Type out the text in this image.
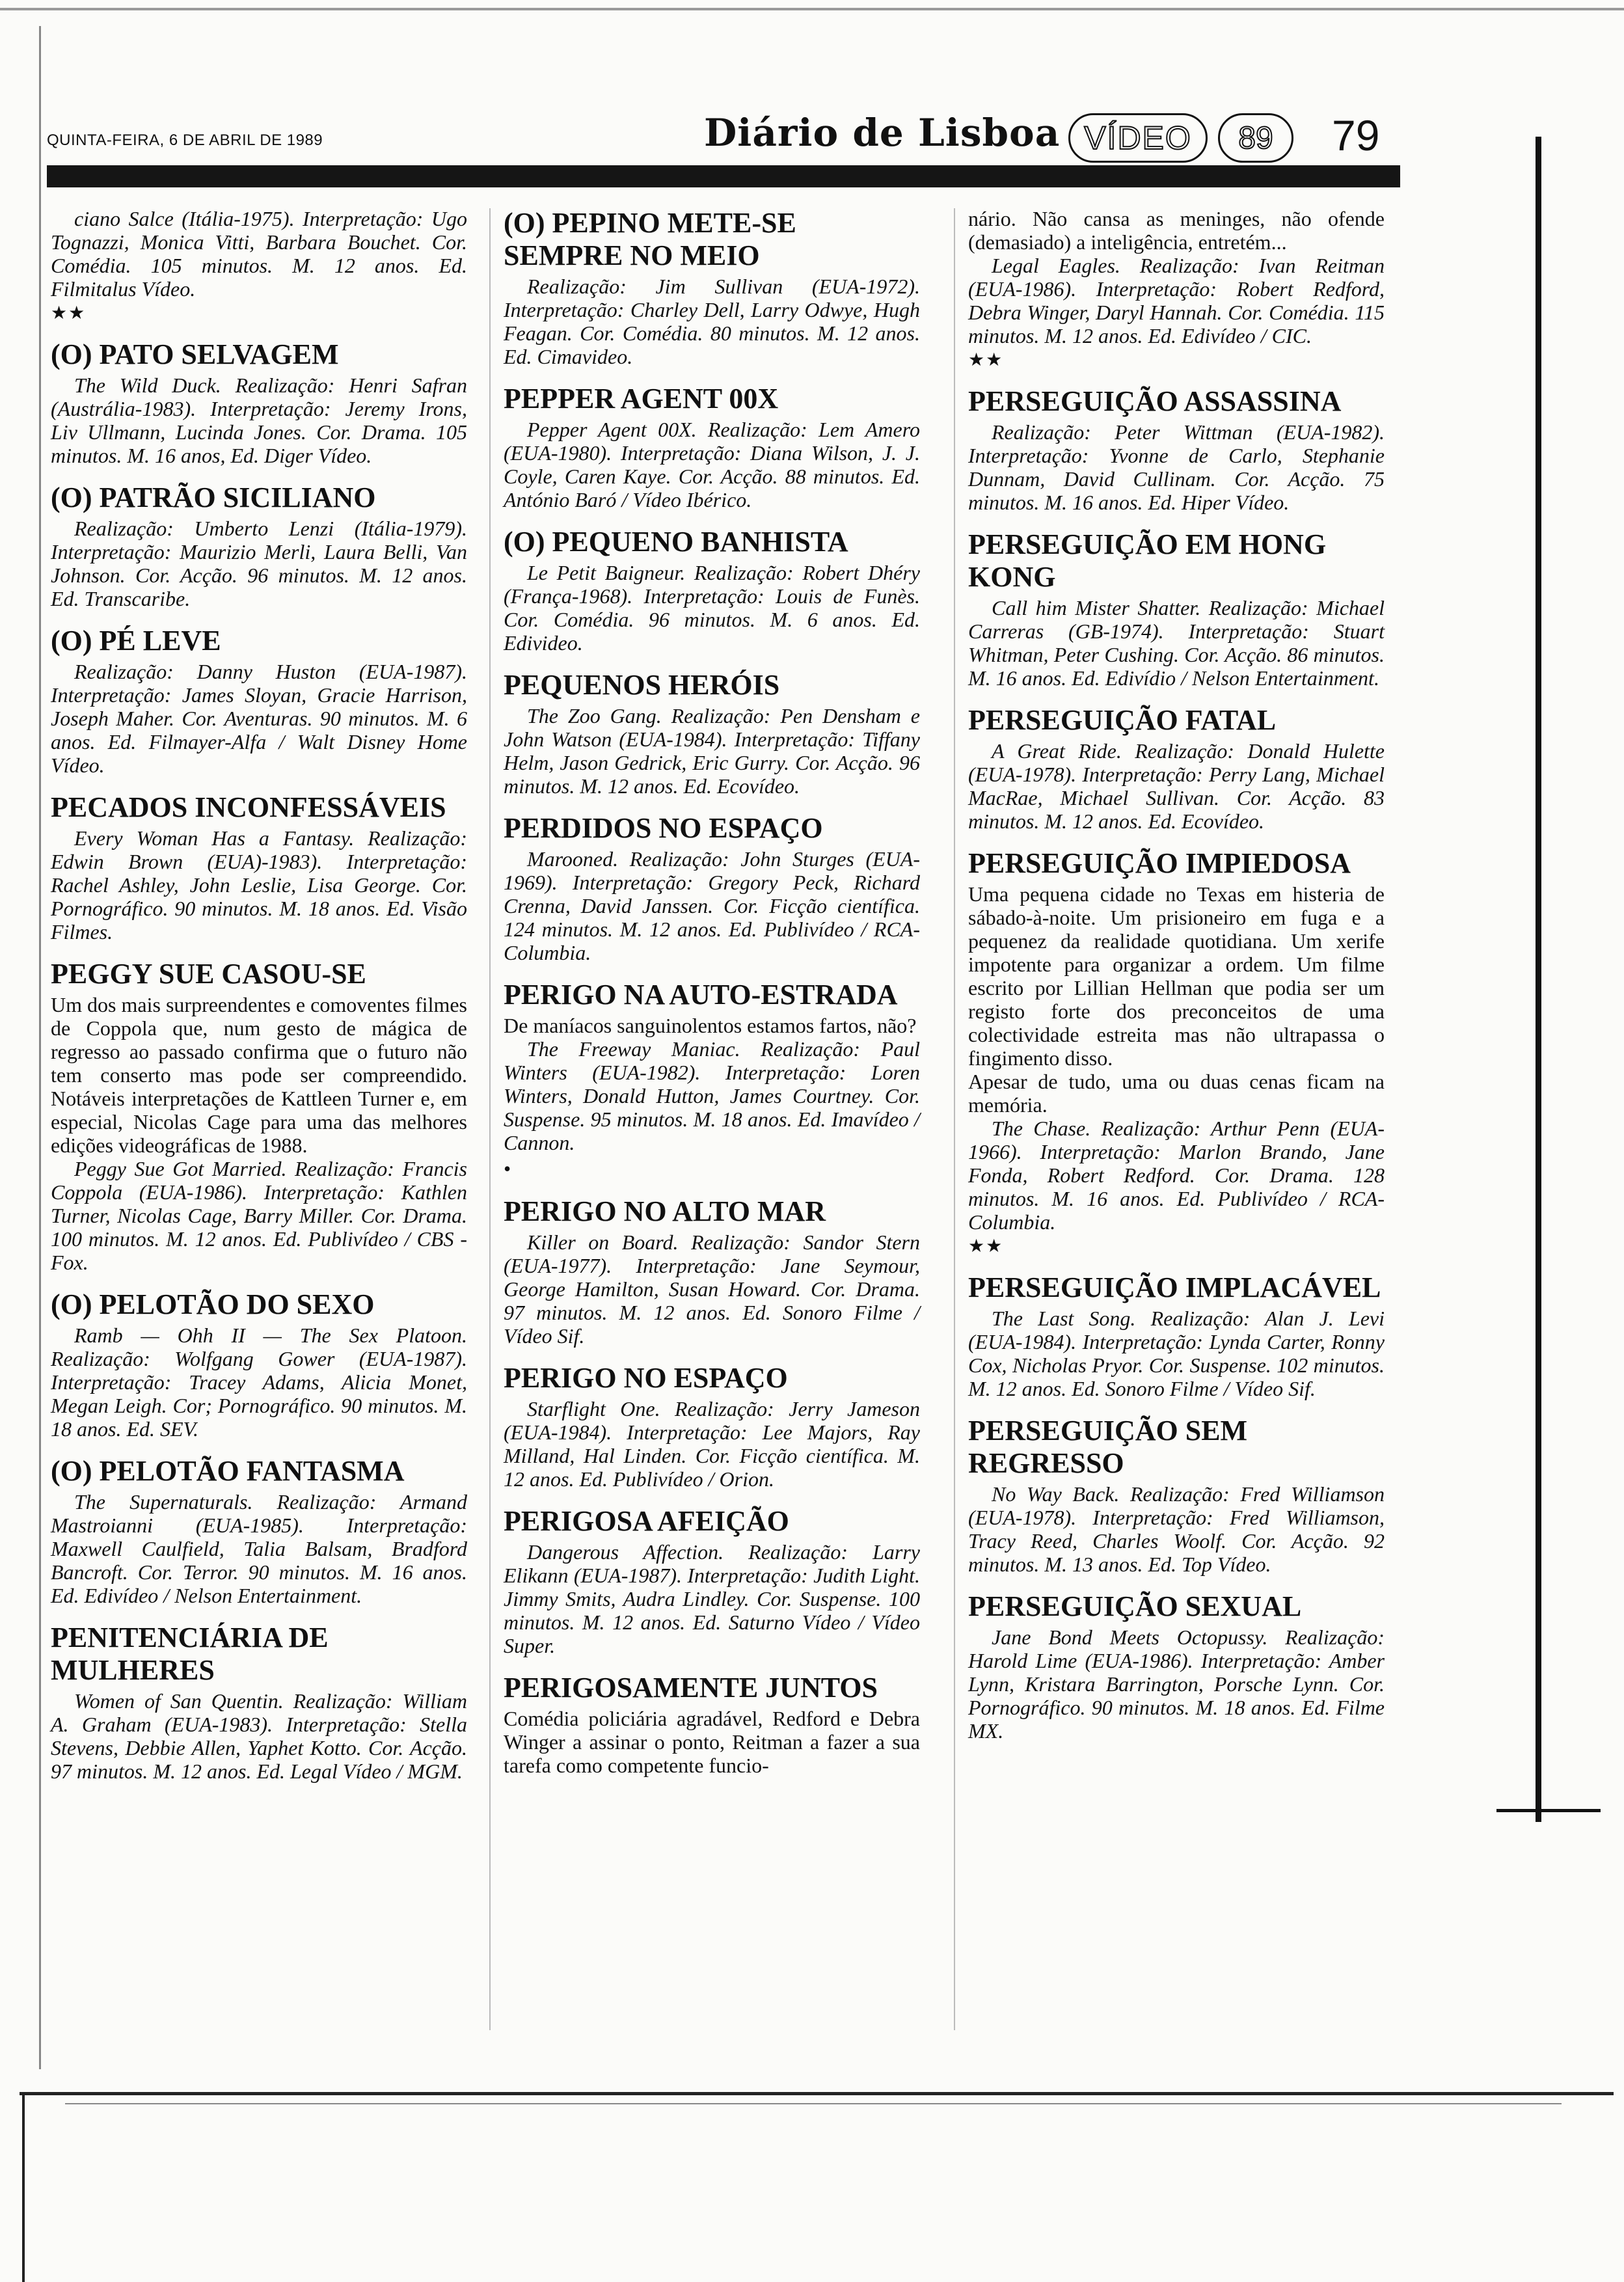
QUINTA-FEIRA, 6 DE ABRIL DE 1989	Diário de Lisboa VÍDEO	89	79

ciano Salce (Itália-1975). Interpretação: Ugo Tognazzi, Monica Vitti, Barbara Bouchet. Cor. Comédia. 105 minutos. M. 12 anos. Ed. Filmitalus Vídeo.

★★

(O) PATO SELVAGEM

The Wild Duck. Realização: Henri Safran (Austrália-1983). Interpretação: Jeremy Irons, Liv Ullmann, Lucinda Jones. Cor. Drama. 105 minutos. M. 16 anos, Ed. Diger Vídeo.

(O) PATRÃO SICILIANO

Realização: Umberto Lenzi (Itália-1979). Interpretação: Maurizio Merli, Laura Belli, Van Johnson. Cor. Acção. 96 minutos. M. 12 anos. Ed. Transcaribe.

(O) PÉ LEVE

Realização: Danny Huston (EUA-1987). Interpretação: James Sloyan, Gracie Harrison, Joseph Maher. Cor. Aventuras. 90 minutos. M. 6 anos. Ed. Filmayer-Alfa / Walt Disney Home Vídeo.

PECADOS INCONFESSÁVEIS

Every Woman Has a Fantasy. Realização: Edwin Brown (EUA)-1983). Interpretação: Rachel Ashley, John Leslie, Lisa George. Cor. Pornográfico. 90 minutos. M. 18 anos. Ed. Visão Filmes.

PEGGY SUE CASOU-SE

Um dos mais surpreendentes e comoventes filmes de Coppola que, num gesto de mágica de regresso ao passado confirma que o futuro não tem conserto mas pode ser compreendido. Notáveis interpretações de Kattleen Turner e, em especial, Nicolas Cage para uma das melhores edições videográficas de 1988.

Peggy Sue Got Married. Realização: Francis Coppola (EUA-1986). Interpretação: Kathlen Turner, Nicolas Cage, Barry Miller. Cor. Drama. 100 minutos. M. 12 anos. Ed. Publivídeo / CBS - Fox.

(O) PELOTÃO DO SEXO

Ramb — Ohh II — The Sex Platoon. Realização: Wolfgang Gower (EUA-1987). Interpretação: Tracey Adams, Alicia Monet, Megan Leigh. Cor; Pornográfico. 90 minutos. M. 18 anos. Ed. SEV.

(O) PELOTÃO FANTASMA

The Supernaturals. Realização: Armand Mastroianni (EUA-1985). Interpretação: Maxwell Caulfield, Talia Balsam, Bradford Bancroft. Cor. Terror. 90 minutos. M. 16 anos. Ed. Edivídeo / Nelson Entertainment.

PENITENCIÁRIA DE MULHERES

Women of San Quentin. Realização: William A. Graham (EUA-1983). Interpretação: Stella Stevens, Debbie Allen, Yaphet Kotto. Cor. Acção. 97 minutos. M. 12 anos. Ed. Legal Vídeo / MGM.

(O) PEPINO METE-SE SEMPRE NO MEIO

Realização: Jim Sullivan (EUA-1972). Interpretação: Charley Dell, Larry Odwye, Hugh Feagan. Cor. Comédia. 80 minutos. M. 12 anos. Ed. Cimavideo.

PEPPER AGENT 00X

Pepper Agent 00X. Realização: Lem Amero (EUA-1980). Interpretação: Diana Wilson, J. J. Coyle, Caren Kaye. Cor. Acção. 88 minutos. Ed. António Baró / Vídeo Ibérico.

(O) PEQUENO BANHISTA

Le Petit Baigneur. Realização: Robert Dhéry (França-1968). Interpretação: Louis de Funès. Cor. Comédia. 96 minutos. M. 6 anos. Ed. Edivideo.

PEQUENOS HERÓIS

The Zoo Gang. Realização: Pen Densham e John Watson (EUA-1984). Interpretação: Tiffany Helm, Jason Gedrick, Eric Gurry. Cor. Acção. 96 minutos. M. 12 anos. Ed. Ecovídeo.

PERDIDOS NO ESPAÇO

Marooned. Realização: John Sturges (EUA-1969). Interpretação: Gregory Peck, Richard Crenna, David Janssen. Cor. Ficção científica. 124 minutos. M. 12 anos. Ed. Publivídeo / RCA-Columbia.

PERIGO NA AUTO-ESTRADA

De maníacos sanguinolentos estamos fartos, não?

The Freeway Maniac. Realização: Paul Winters (EUA-1982). Interpretação: Loren Winters, Donald Hutton, James Courtney. Cor. Suspense. 95 minutos. M. 18 anos. Ed. Imavídeo / Cannon.

•

PERIGO NO ALTO MAR

Killer on Board. Realização: Sandor Stern (EUA-1977). Interpretação: Jane Seymour, George Hamilton, Susan Howard. Cor. Drama. 97 minutos. M. 12 anos. Ed. Sonoro Filme / Vídeo Sif.

PERIGO NO ESPAÇO

Starflight One. Realização: Jerry Jameson (EUA-1984). Interpretação: Lee Majors, Ray Milland, Hal Linden. Cor. Ficção científica. M. 12 anos. Ed. Publivídeo / Orion.

PERIGOSA AFEIÇÃO

Dangerous Affection. Realização: Larry Elikann (EUA-1987). Interpretação: Judith Light. Jimmy Smits, Audra Lindley. Cor. Suspense. 100 minutos. M. 12 anos. Ed. Saturno Vídeo / Vídeo Super.

PERIGOSAMENTE JUNTOS

Comédia policiária agradável, Redford e Debra Winger a assinar o ponto, Reitman a fazer a sua tarefa como competente funcio-

nário. Não cansa as meninges, não ofende (demasiado) a inteligência, entretém...

Legal Eagles. Realização: Ivan Reitman (EUA-1986). Interpretação: Robert Redford, Debra Winger, Daryl Hannah. Cor. Comédia. 115 minutos. M. 12 anos. Ed. Edivídeo / CIC.

★★

PERSEGUIÇÃO ASSASSINA

Realização: Peter Wittman (EUA-1982). Interpretação: Yvonne de Carlo, Stephanie Dunnam, David Cullinam. Cor. Acção. 75 minutos. M. 16 anos. Ed. Hiper Vídeo.

PERSEGUIÇÃO EM HONG KONG

Call him Mister Shatter. Realização: Michael Carreras (GB-1974). Interpretação: Stuart Whitman, Peter Cushing. Cor. Acção. 86 minutos. M. 16 anos. Ed. Edivídio / Nelson Entertainment.

PERSEGUIÇÃO FATAL

A Great Ride. Realização: Donald Hulette (EUA-1978). Interpretação: Perry Lang, Michael MacRae, Michael Sullivan. Cor. Acção. 83 minutos. M. 12 anos. Ed. Ecovídeo.

PERSEGUIÇÃO IMPIEDOSA

Uma pequena cidade no Texas em histeria de sábado-à-noite. Um prisioneiro em fuga e a pequenez da realidade quotidiana. Um xerife impotente para organizar a ordem. Um filme escrito por Lillian Hellman que podia ser um registo forte dos preconceitos de uma colectividade estreita mas não ultrapassa o fingimento disso.

Apesar de tudo, uma ou duas cenas ficam na memória.

The Chase. Realização: Arthur Penn (EUA-1966). Interpretação: Marlon Brando, Jane Fonda, Robert Redford. Cor. Drama. 128 minutos. M. 16 anos. Ed. Publivídeo / RCA-Columbia.

★★

PERSEGUIÇÃO IMPLACÁVEL

The Last Song. Realização: Alan J. Levi (EUA-1984). Interpretação: Lynda Carter, Ronny Cox, Nicholas Pryor. Cor. Suspense. 102 minutos. M. 12 anos. Ed. Sonoro Filme / Vídeo Sif.

PERSEGUIÇÃO SEM REGRESSO

No Way Back. Realização: Fred Williamson (EUA-1978). Interpretação: Fred Williamson, Tracy Reed, Charles Woolf. Cor. Acção. 92 minutos. M. 13 anos. Ed. Top Vídeo.

PERSEGUIÇÃO SEXUAL

Jane Bond Meets Octopussy. Realização: Harold Lime (EUA-1986). Interpretação: Amber Lynn, Kristara Barrington, Porsche Lynn. Cor. Pornográfico. 90 minutos. M. 18 anos. Ed. Filme MX.
